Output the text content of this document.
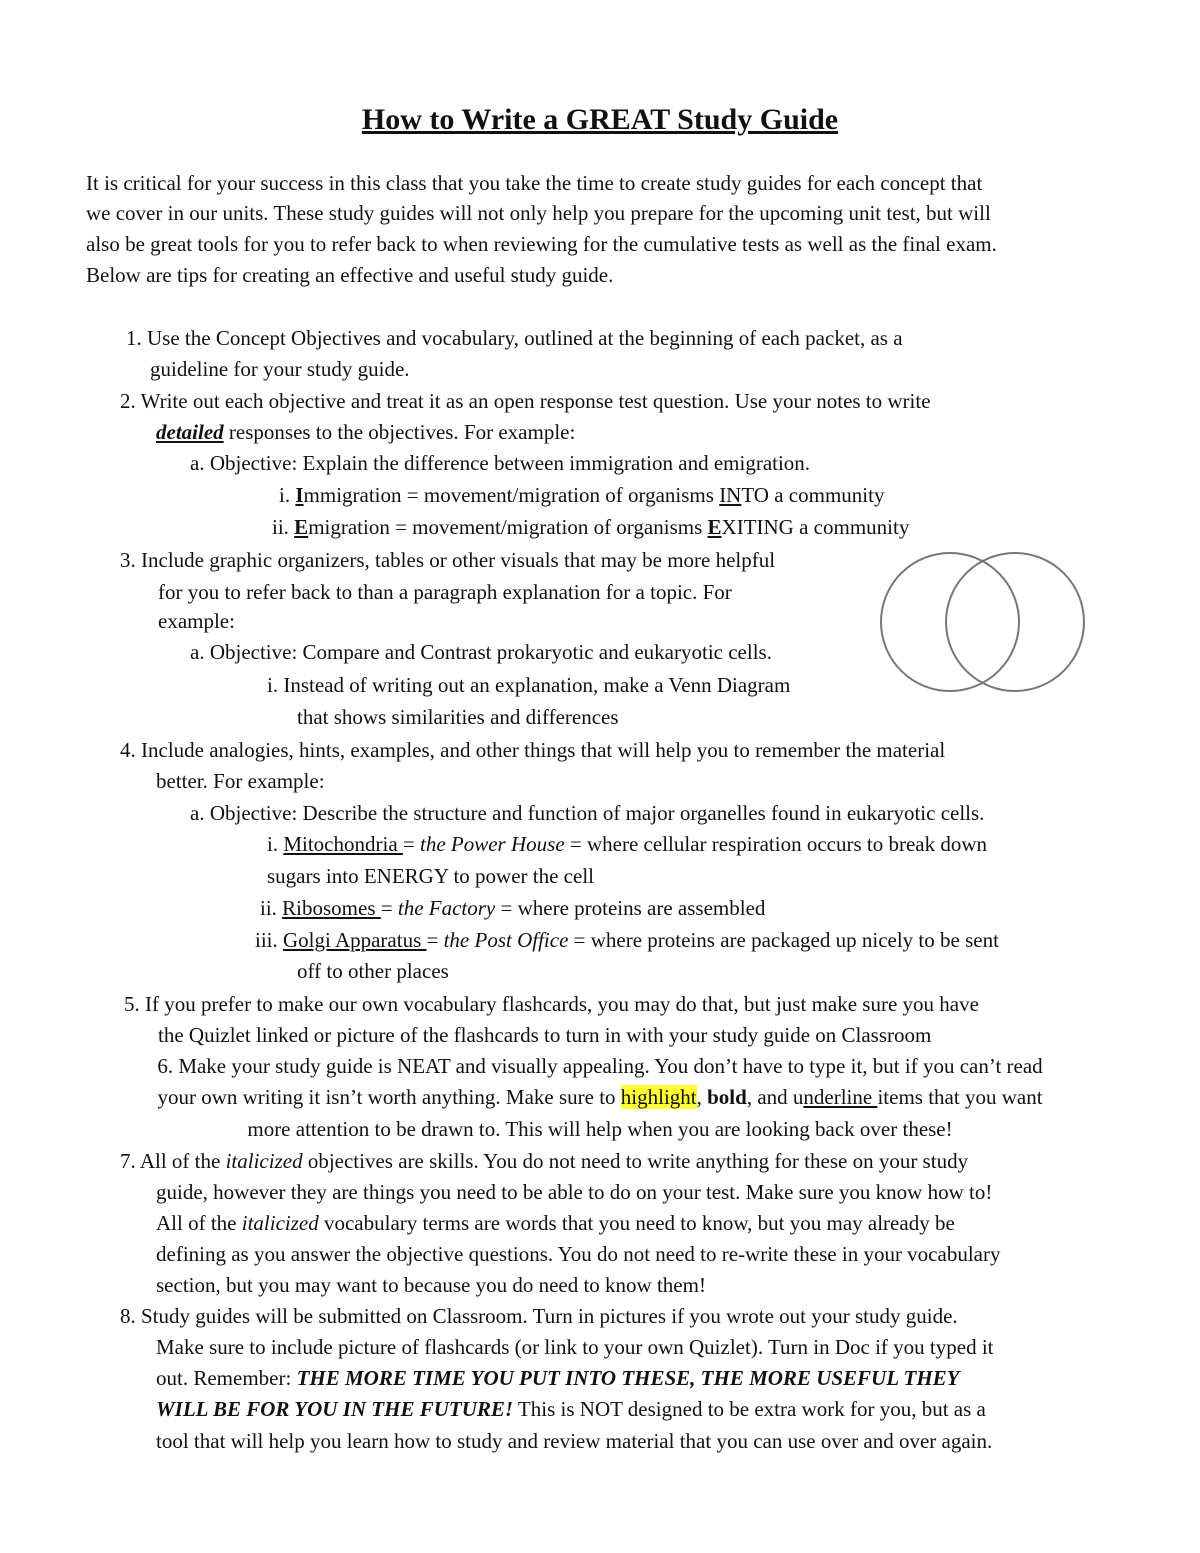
How to Write a GREAT Study Guide
It is critical for your success in this class that you take the time to create study guides for each concept that
we cover in our units. These study guides will not only help you prepare for the upcoming unit test, but will
also be great tools for you to refer back to when reviewing for the cumulative tests as well as the final exam.
Below are tips for creating an effective and useful study guide.
1. Use the Concept Objectives and vocabulary, outlined at the beginning of each packet, as a
guideline for your study guide.
2. Write out each objective and treat it as an open response test question. Use your notes to write
detailed responses to the objectives. For example:
a. Objective: Explain the difference between immigration and emigration.
i. Immigration = movement/migration of organisms INTO a community
ii. Emigration = movement/migration of organisms EXITING a community
3. Include graphic organizers, tables or other visuals that may be more helpful
for you to refer back to than a paragraph explanation for a topic. For
example:
a. Objective: Compare and Contrast prokaryotic and eukaryotic cells.
i. Instead of writing out an explanation, make a Venn Diagram
that shows similarities and differences
4. Include analogies, hints, examples, and other things that will help you to remember the material
better. For example:
a. Objective: Describe the structure and function of major organelles found in eukaryotic cells.
i. Mitochondria = the Power House = where cellular respiration occurs to break down
sugars into ENERGY to power the cell
ii. Ribosomes = the Factory = where proteins are assembled
iii. Golgi Apparatus = the Post Office = where proteins are packaged up nicely to be sent
off to other places
5. If you prefer to make our own vocabulary flashcards, you may do that, but just make sure you have
the Quizlet linked or picture of the flashcards to turn in with your study guide on Classroom
6. Make your study guide is NEAT and visually appealing. You don’t have to type it, but if you can’t read
your own writing it isn’t worth anything. Make sure to highlight, bold, and underline items that you want
more attention to be drawn to. This will help when you are looking back over these!
7. All of the italicized objectives are skills. You do not need to write anything for these on your study
guide, however they are things you need to be able to do on your test. Make sure you know how to!
All of the italicized vocabulary terms are words that you need to know, but you may already be
defining as you answer the objective questions. You do not need to re-write these in your vocabulary
section, but you may want to because you do need to know them!
8. Study guides will be submitted on Classroom. Turn in pictures if you wrote out your study guide.
Make sure to include picture of flashcards (or link to your own Quizlet). Turn in Doc if you typed it
out. Remember: THE MORE TIME YOU PUT INTO THESE, THE MORE USEFUL THEY
WILL BE FOR YOU IN THE FUTURE! This is NOT designed to be extra work for you, but as a
tool that will help you learn how to study and review material that you can use over and over again.
